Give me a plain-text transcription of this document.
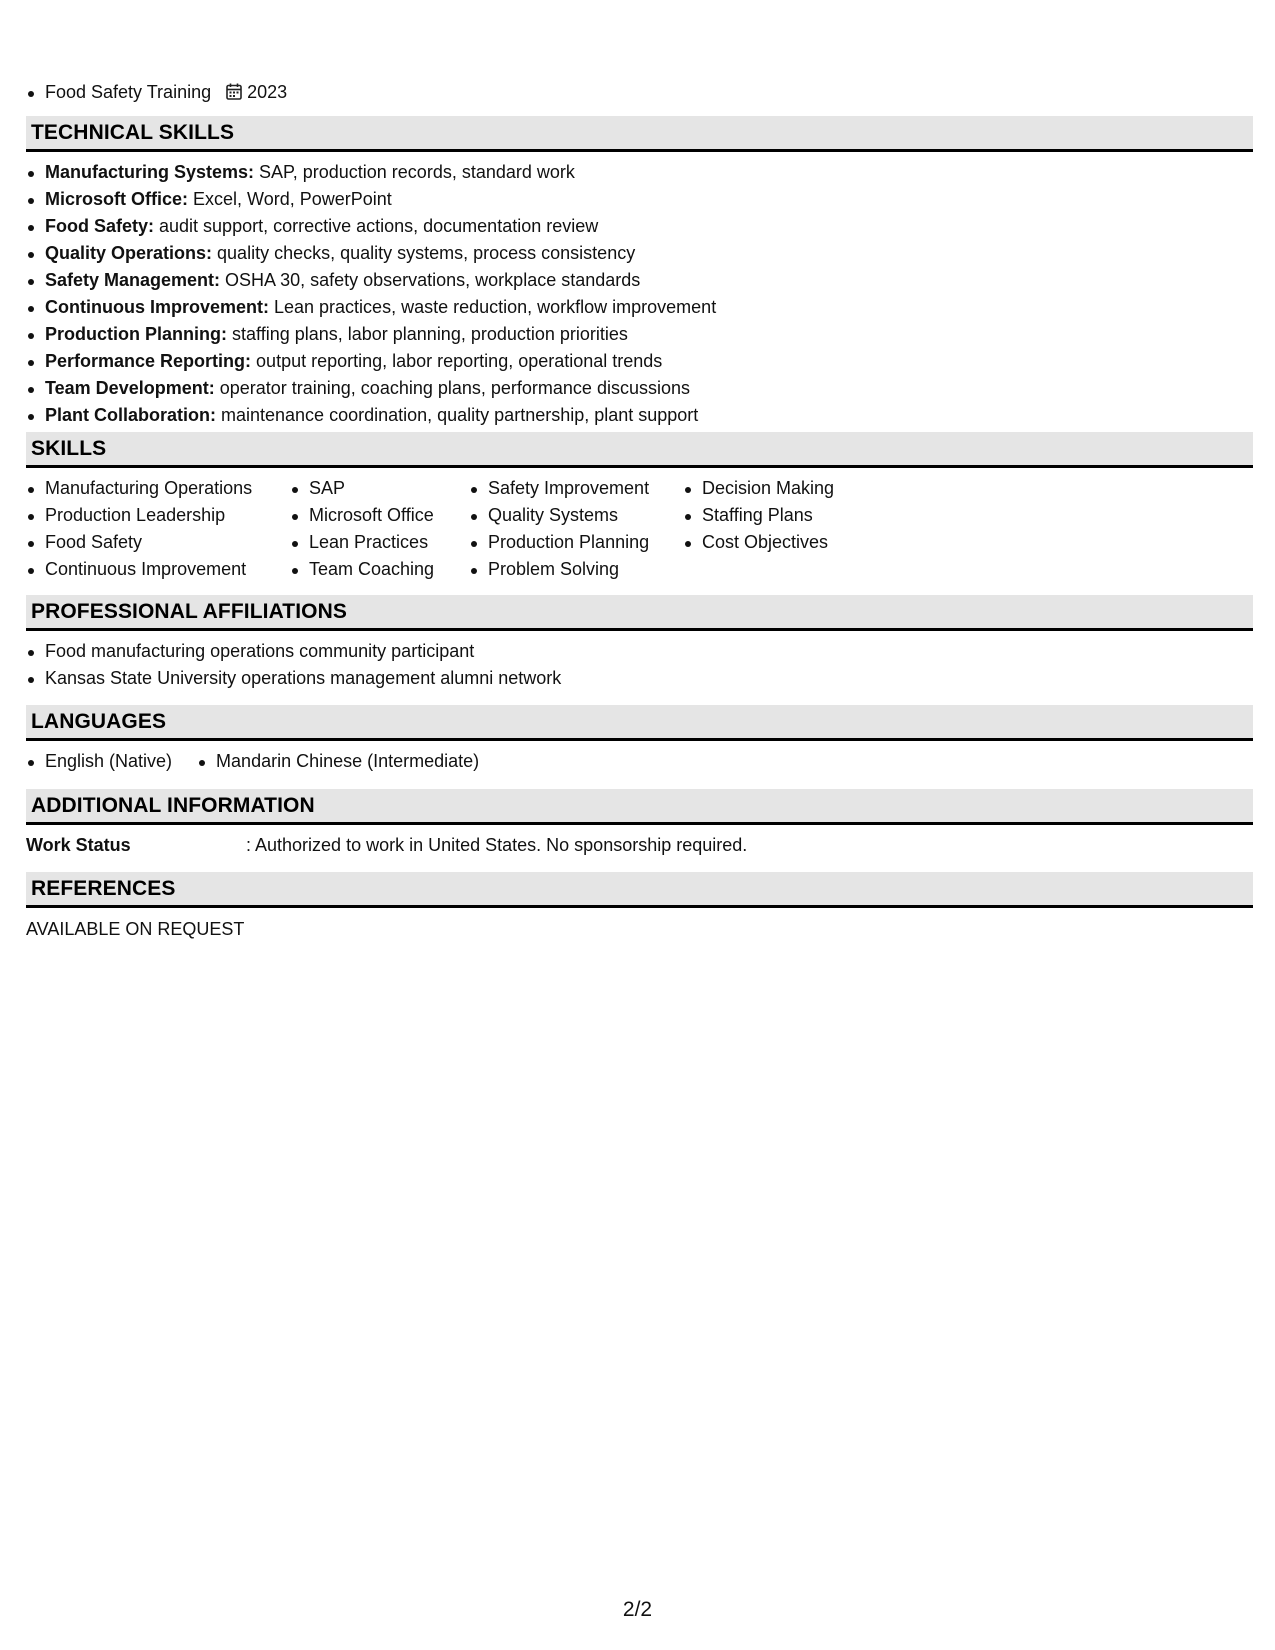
Food Safety Training 2023
TECHNICAL SKILLS
Manufacturing Systems: SAP, production records, standard work
Microsoft Office: Excel, Word, PowerPoint
Food Safety: audit support, corrective actions, documentation review
Quality Operations: quality checks, quality systems, process consistency
Safety Management: OSHA 30, safety observations, workplace standards
Continuous Improvement: Lean practices, waste reduction, workflow improvement
Production Planning: staffing plans, labor planning, production priorities
Performance Reporting: output reporting, labor reporting, operational trends
Team Development: operator training, coaching plans, performance discussions
Plant Collaboration: maintenance coordination, quality partnership, plant support
SKILLS
Manufacturing Operations
Production Leadership
Food Safety
Continuous Improvement
SAP
Microsoft Office
Lean Practices
Team Coaching
Safety Improvement
Quality Systems
Production Planning
Problem Solving
Decision Making
Staffing Plans
Cost Objectives
PROFESSIONAL AFFILIATIONS
Food manufacturing operations community participant
Kansas State University operations management alumni network
LANGUAGES
English (Native)	Mandarin Chinese (Intermediate)
ADDITIONAL INFORMATION
Work Status	: Authorized to work in United States. No sponsorship required.
REFERENCES
AVAILABLE ON REQUEST
2/2
